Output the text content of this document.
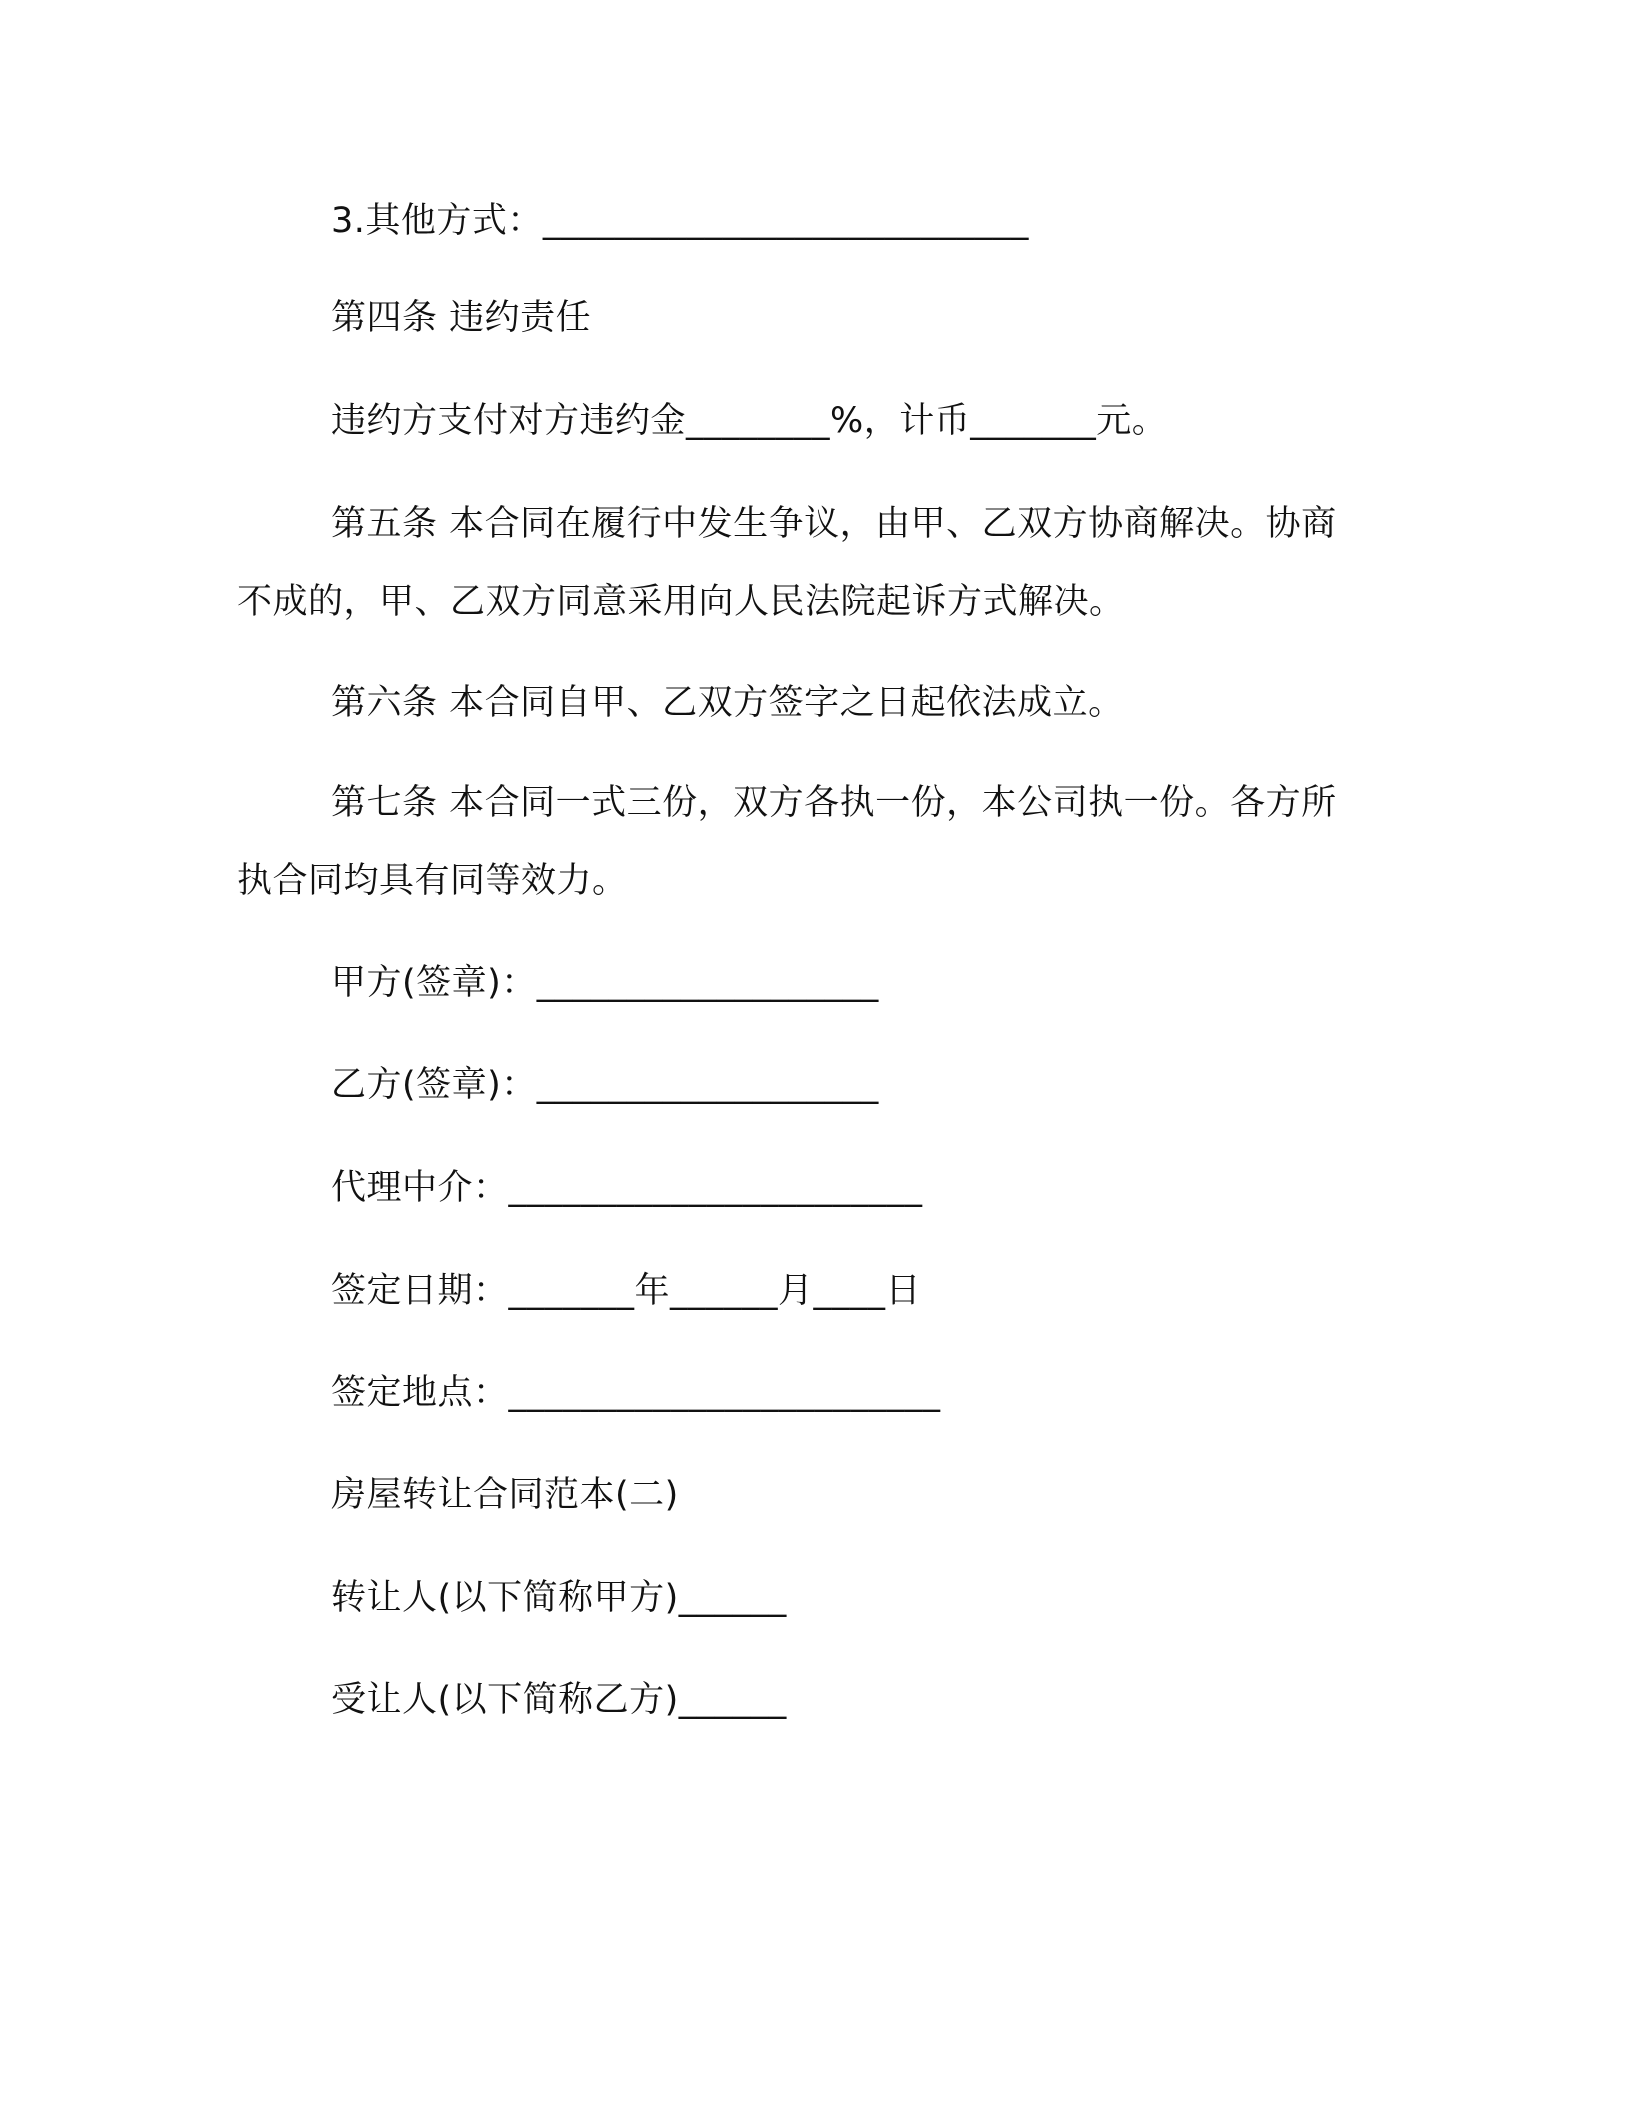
3.其他方式：___________________________
第四条 违约责任
违约方支付对方违约金________%，计币_______元。
第五条 本合同在履行中发生争议，由甲、乙双方协商解决。协商不成的，甲、乙双方同意采用向人民法院起诉方式解决。
第六条 本合同自甲、乙双方签字之日起依法成立。
第七条 本合同一式三份，双方各执一份，本公司执一份。各方所执合同均具有同等效力。
甲方(签章)：___________________
乙方(签章)：___________________
代理中介：_______________________
签定日期：_______年______月____日
签定地点：________________________
房屋转让合同范本(二)
转让人(以下简称甲方)______
受让人(以下简称乙方)______
